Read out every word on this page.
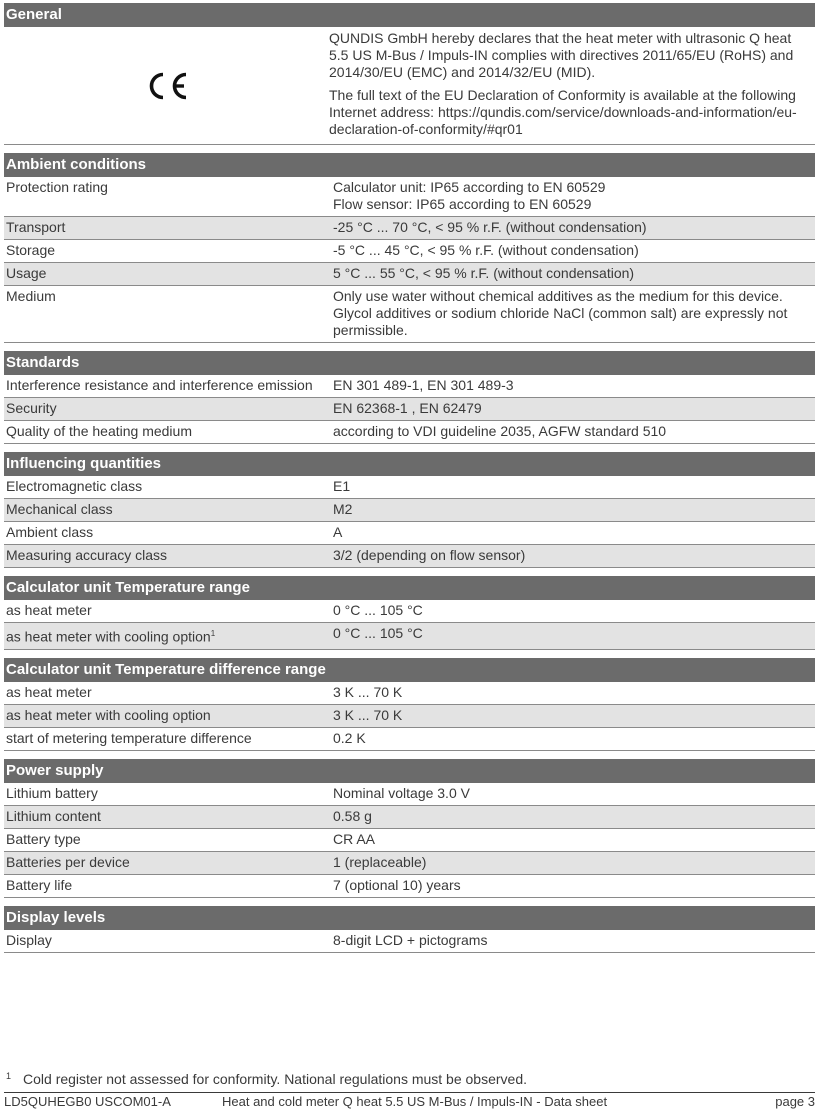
General

QUNDIS GmbH hereby declares that the heat meter with ultrasonic Q heat 5.5 US M-Bus / Impuls-IN complies with directives 2011/65/EU (RoHS) and 2014/30/EU (EMC) and 2014/32/EU (MID).

The full text of the EU Declaration of Conformity is available at the following Internet address: https://qundis.com/service/downloads-and-information/eu-declaration-of-conformity/#qr01

Ambient conditions
Protection rating	Calculator unit: IP65 according to EN 60529
Flow sensor: IP65 according to EN 60529
Transport	-25 °C ... 70 °C, < 95 % r.F. (without condensation)
Storage	-5 °C ... 45 °C, < 95 % r.F. (without condensation)
Usage	5 °C ... 55 °C, < 95 % r.F. (without condensation)
Medium	Only use water without chemical additives as the medium for this device. Glycol additives or sodium chloride NaCl (common salt) are expressly not permissible.
Standards
Interference resistance and interference emission	EN 301 489-1, EN 301 489-3
Security	EN 62368-1 , EN 62479
Quality of the heating medium	according to VDI guideline 2035, AGFW standard 510
Influencing quantities
Electromagnetic class	E1
Mechanical class	M2
Ambient class	A
Measuring accuracy class	3/2 (depending on flow sensor)
Calculator unit Temperature range
as heat meter	0 °C ... 105 °C
as heat meter with cooling option$^1$	0 °C ... 105 °C
Calculator unit Temperature difference range
as heat meter	3 K ... 70 K
as heat meter with cooling option	3 K ... 70 K
start of metering temperature difference	0.2 K
Power supply
Lithium battery	Nominal voltage 3.0 V
Lithium content	0.58 g
Battery type	CR AA
Batteries per device	1 (replaceable)
Battery life	7 (optional 10) years
Display levels
Display	8-digit LCD + pictograms
$^1$ Cold register not assessed for conformity. National regulations must be observed.
LD5QUHEGB0 USCOM01-A	Heat and cold meter Q heat 5.5 US M-Bus / Impuls-IN - Data sheet	page 3
